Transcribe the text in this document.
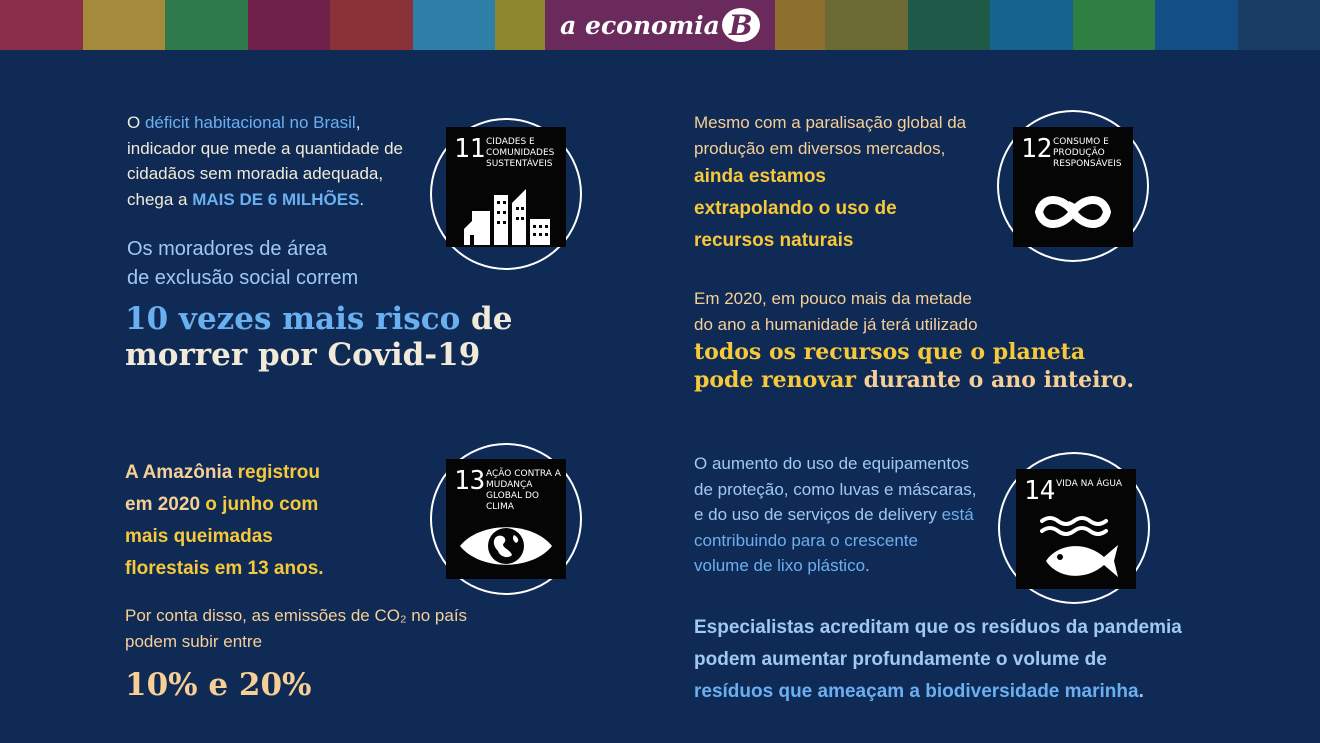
a economia B
O déficit habitacional no Brasil,
indicador que mede a quantidade de
cidadãos sem moradia adequada,
chega a MAIS DE 6 MILHÕES.
Os moradores de área
de exclusão social correm
10 vezes mais risco de
morrer por Covid-19
11 CIDADES E COMUNIDADES SUSTENTÁVEIS
Mesmo com a paralisação global da
produção em diversos mercados,
ainda estamos
extrapolando o uso de
recursos naturais
Em 2020, em pouco mais da metade
do ano a humanidade já terá utilizado
todos os recursos que o planeta
pode renovar durante o ano inteiro.
12 CONSUMO E PRODUÇÃO RESPONSÁVEIS
A Amazônia registrou
em 2020 o junho com
mais queimadas
florestais em 13 anos.
Por conta disso, as emissões de CO₂ no país
podem subir entre
10% e 20%
13 AÇÃO CONTRA A MUDANÇA GLOBAL DO CLIMA
O aumento do uso de equipamentos
de proteção, como luvas e máscaras,
e do uso de serviços de delivery está
contribuindo para o crescente
volume de lixo plástico.
Especialistas acreditam que os resíduos da pandemia
podem aumentar profundamente o volume de
resíduos que ameaçam a biodiversidade marinha.
14 VIDA NA ÁGUA
